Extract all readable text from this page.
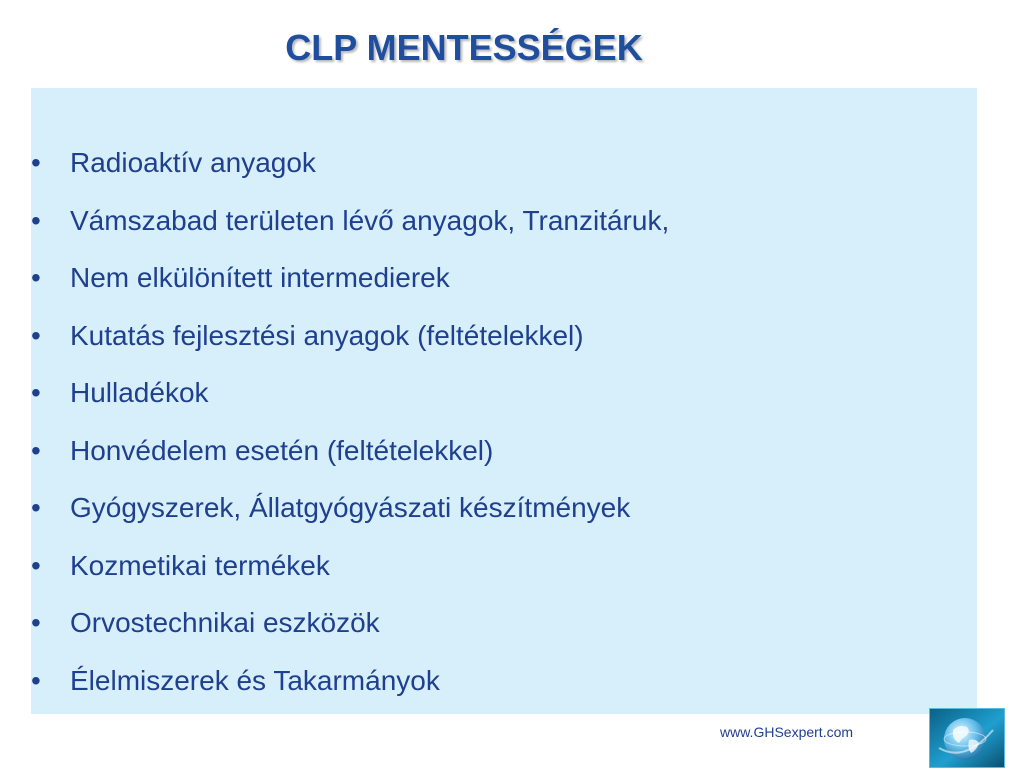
CLP MENTESSÉGEK
•	Radioaktív anyagok
•	Vámszabad területen lévő anyagok, Tranzitáruk,
•	Nem elkülönített intermedierek
•	Kutatás fejlesztési anyagok (feltételekkel)
•	Hulladékok
•	Honvédelem esetén (feltételekkel)
•	Gyógyszerek, Állatgyógyászati készítmények
•	Kozmetikai termékek
•	Orvostechnikai eszközök
•	Élelmiszerek és Takarmányok
www.GHSexpert.com
